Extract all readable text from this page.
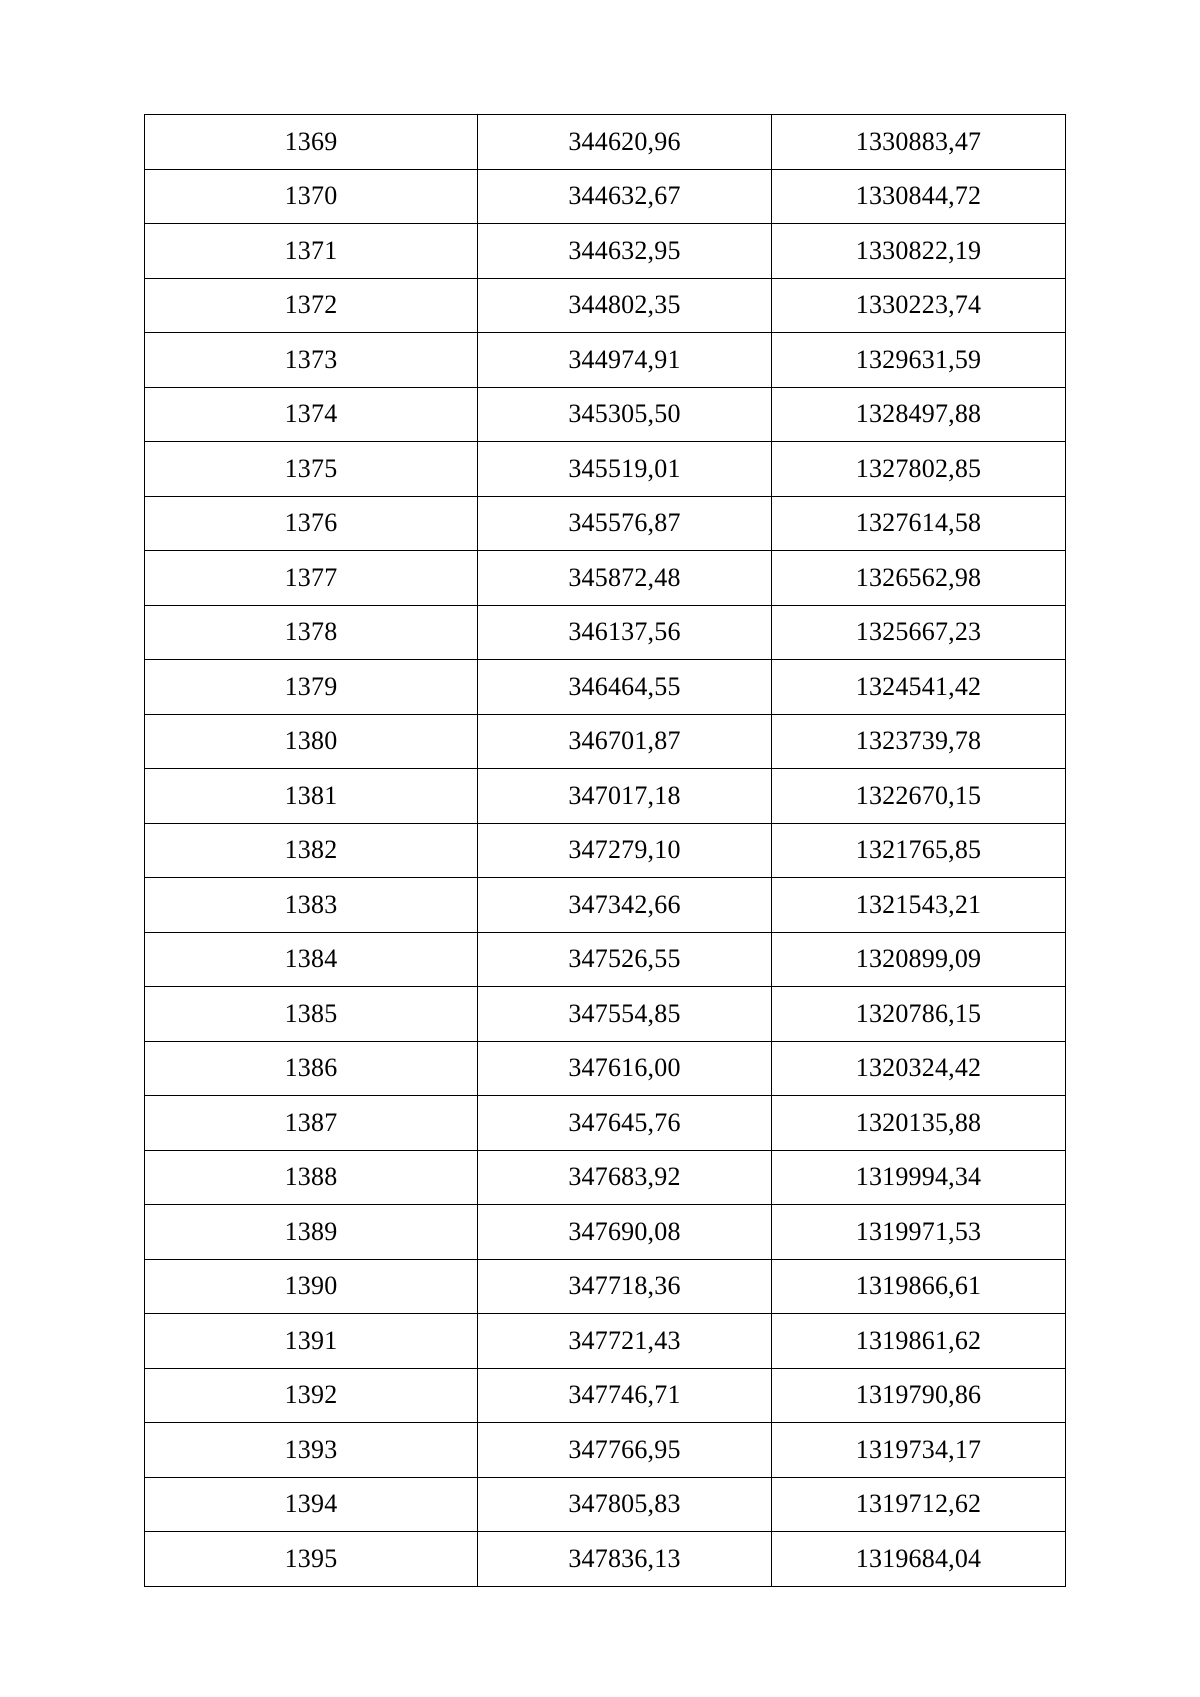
1369	344620,96	1330883,47
1370	344632,67	1330844,72
1371	344632,95	1330822,19
1372	344802,35	1330223,74
1373	344974,91	1329631,59
1374	345305,50	1328497,88
1375	345519,01	1327802,85
1376	345576,87	1327614,58
1377	345872,48	1326562,98
1378	346137,56	1325667,23
1379	346464,55	1324541,42
1380	346701,87	1323739,78
1381	347017,18	1322670,15
1382	347279,10	1321765,85
1383	347342,66	1321543,21
1384	347526,55	1320899,09
1385	347554,85	1320786,15
1386	347616,00	1320324,42
1387	347645,76	1320135,88
1388	347683,92	1319994,34
1389	347690,08	1319971,53
1390	347718,36	1319866,61
1391	347721,43	1319861,62
1392	347746,71	1319790,86
1393	347766,95	1319734,17
1394	347805,83	1319712,62
1395	347836,13	1319684,04
